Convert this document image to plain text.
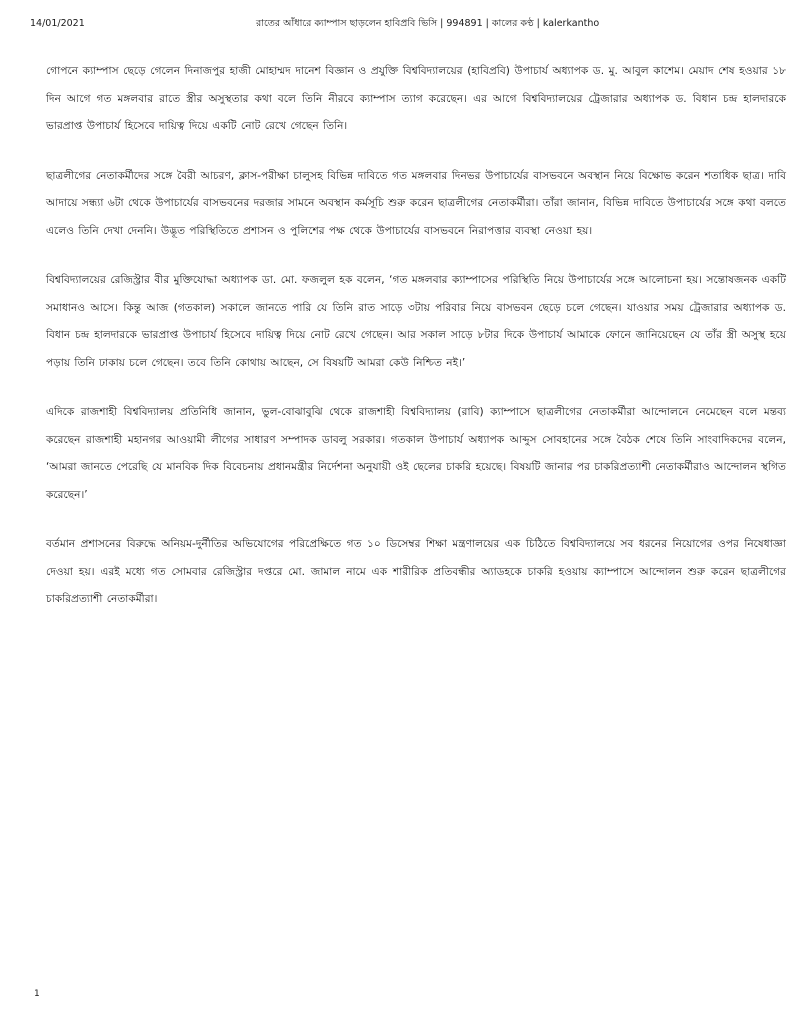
14/01/2021	রাতের আঁধারে ক্যাম্পাস ছাড়লেন হাবিপ্রবি ভিসি | 994891 | কালের কণ্ঠ | kalerkantho

গোপনে ক্যাম্পাস ছেড়ে গেলেন দিনাজপুর হাজী মোহাম্মদ দানেশ বিজ্ঞান ও প্রযুক্তি বিশ্ববিদ্যালয়ের (হাবিপ্রবি) উপাচার্য অধ্যাপক ড. মু. আবুল কাশেম। মেয়াদ শেষ হওয়ার ১৮ দিন আগে গত মঙ্গলবার রাতে স্ত্রীর অসুস্থতার কথা বলে তিনি নীরবে ক্যাম্পাস ত্যাগ করেছেন। এর আগে বিশ্ববিদ্যালয়ের ট্রেজারার অধ্যাপক ড. বিধান চন্দ্র হালদারকে ভারপ্রাপ্ত উপাচার্য হিসেবে দায়িত্ব দিয়ে একটি নোট রেখে গেছেন তিনি।

ছাত্রলীগের নেতাকর্মীদের সঙ্গে বৈরী আচরণ, ক্লাস-পরীক্ষা চালুসহ বিভিন্ন দাবিতে গত মঙ্গলবার দিনভর উপাচার্যের বাসভবনে অবস্থান নিয়ে বিক্ষোভ করেন শতাধিক ছাত্র। দাবি আদায়ে সন্ধ্যা ৬টা থেকে উপাচার্যের বাসভবনের দরজার সামনে অবস্থান কর্মসূচি শুরু করেন ছাত্রলীগের নেতাকর্মীরা। তাঁরা জানান, বিভিন্ন দাবিতে উপাচার্যের সঙ্গে কথা বলতে এলেও তিনি দেখা দেননি। উদ্ভূত পরিস্থিতিতে প্রশাসন ও পুলিশের পক্ষ থেকে উপাচার্যের বাসভবনে নিরাপত্তার ব্যবস্থা নেওয়া হয়।

বিশ্ববিদ্যালয়ের রেজিস্ট্রার বীর মুক্তিযোদ্ধা অধ্যাপক ডা. মো. ফজলুল হক বলেন, ‘গত মঙ্গলবার ক্যাম্পাসের পরিস্থিতি নিয়ে উপাচার্যের সঙ্গে আলোচনা হয়। সন্তোষজনক একটি সমাধানও আসে। কিন্তু আজ (গতকাল) সকালে জানতে পারি যে তিনি রাত সাড়ে ৩টায় পরিবার নিয়ে বাসভবন ছেড়ে চলে গেছেন। যাওয়ার সময় ট্রেজারার অধ্যাপক ড. বিধান চন্দ্র হালদারকে ভারপ্রাপ্ত উপাচার্য হিসেবে দায়িত্ব দিয়ে নোট রেখে গেছেন। আর সকাল সাড়ে ৮টার দিকে উপাচার্য আমাকে ফোনে জানিয়েছেন যে তাঁর স্ত্রী অসুস্থ হয়ে পড়ায় তিনি ঢাকায় চলে গেছেন। তবে তিনি কোথায় আছেন, সে বিষয়টি আমরা কেউ নিশ্চিত নই।’

এদিকে রাজশাহী বিশ্ববিদ্যালয় প্রতিনিধি জানান, ভুল-বোঝাবুঝি থেকে রাজশাহী বিশ্ববিদ্যালয় (রাবি) ক্যাম্পাসে ছাত্রলীগের নেতাকর্মীরা আন্দোলনে নেমেছেন বলে মন্তব্য করেছেন রাজশাহী মহানগর আওয়ামী লীগের সাধারণ সম্পাদক ডাবলু সরকার। গতকাল উপাচার্য অধ্যাপক আব্দুস সোবহানের সঙ্গে বৈঠক শেষে তিনি সাংবাদিকদের বলেন, ‘আমরা জানতে পেরেছি যে মানবিক দিক বিবেচনায় প্রধানমন্ত্রীর নির্দেশনা অনুযায়ী ওই ছেলের চাকরি হয়েছে। বিষয়টি জানার পর চাকরিপ্রত্যাশী নেতাকর্মীরাও আন্দোলন স্থগিত করেছেন।’

বর্তমান প্রশাসনের বিরুদ্ধে অনিয়ম-দুর্নীতির অভিযোগের পরিপ্রেক্ষিতে গত ১০ ডিসেম্বর শিক্ষা মন্ত্রণালয়ের এক চিঠিতে বিশ্ববিদ্যালয়ে সব ধরনের নিয়োগের ওপর নিষেধাজ্ঞা দেওয়া হয়। এরই মধ্যে গত সোমবার রেজিস্ট্রার দপ্তরে মো. জামাল নামে এক শারীরিক প্রতিবন্ধীর অ্যাডহকে চাকরি হওয়ায় ক্যাম্পাসে আন্দোলন শুরু করেন ছাত্রলীগের চাকরিপ্রত্যাশী নেতাকর্মীরা।

1
